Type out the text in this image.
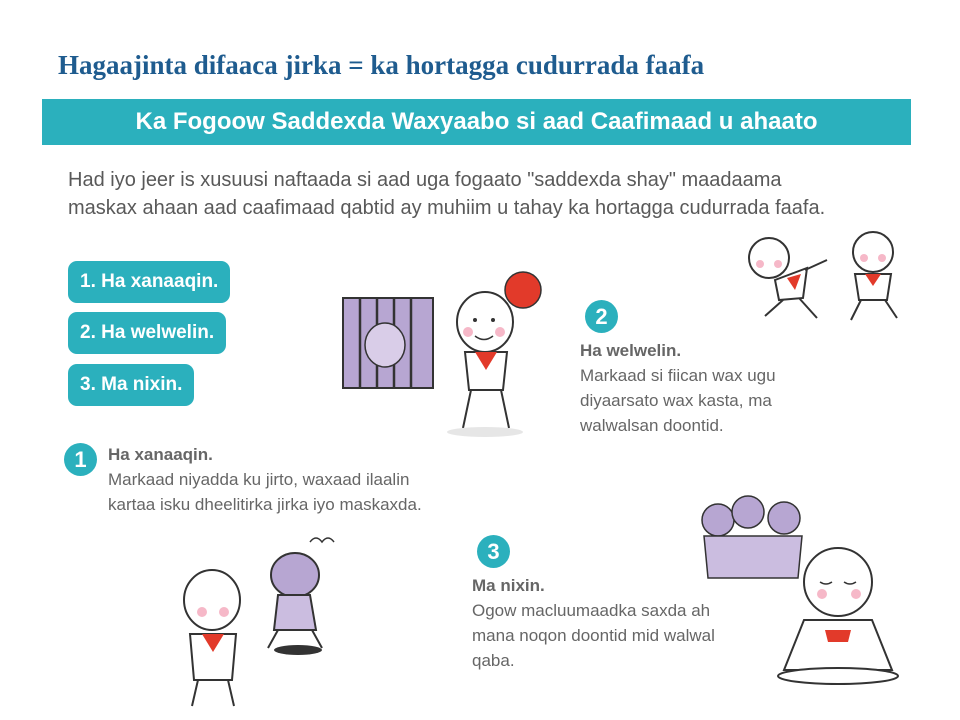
Hagaajinta difaaca jirka = ka hortagga cudurrada faafa
Ka Fogoow Saddexda Waxyaabo si aad Caafimaad u ahaato
Had iyo jeer is xusuusi naftaada si aad uga fogaato "saddexda shay" maadaama maskax ahaan aad caafimaad qabtid ay muhiim u tahay ka hortagga cudurrada faafa.
1. Ha xanaaqin.
2. Ha welwelin.
3. Ma nixin.
1	Ha xanaaqin.
Markaad niyadda ku jirto, waxaad ilaalin kartaa isku dheelitirka jirka iyo maskaxda.
2
Ha welwelin.
Markaad si fiican wax ugu diyaarsato wax kasta, ma walwalsan doontid.
3
Ma nixin.
Ogow macluumaadka saxda ah mana noqon doontid mid walwal qaba.
